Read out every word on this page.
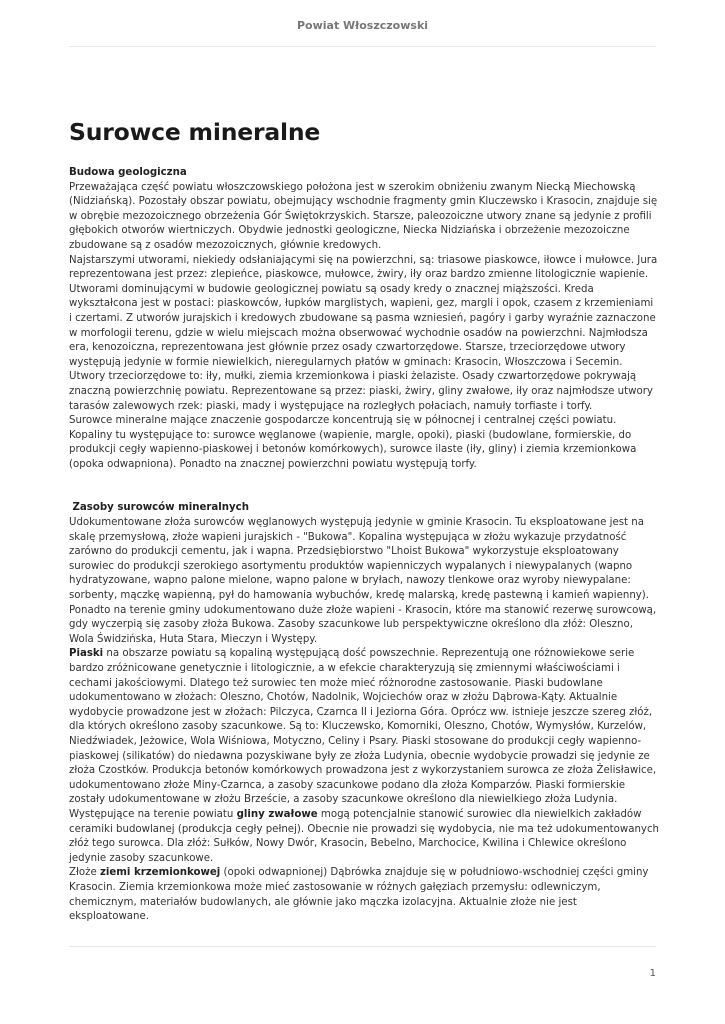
Powiat Włoszczowski
Surowce mineralne

Budowa geologiczna

Przeważająca część powiatu włoszczowskiego położona jest w szerokim obniżeniu zwanym Niecką Miechowską (Nidziańską). Pozostały obszar powiatu, obejmujący wschodnie fragmenty gmin Kluczewsko i Krasocin, znajduje się w obrębie mezozoicznego obrzeżenia Gór Świętokrzyskich. Starsze, paleozoiczne utwory znane są jedynie z profili głębokich otworów wiertniczych. Obydwie jednostki geologiczne, Niecka Nidziańska i obrzeżenie mezozoiczne zbudowane są z osadów mezozoicznych, głównie kredowych.

Najstarszymi utworami, niekiedy odsłaniającymi się na powierzchni, są: triasowe piaskowce, iłowce i mułowce. Jura reprezentowana jest przez: zlepieńce, piaskowce, mułowce, żwiry, iły oraz bardzo zmienne litologicznie wapienie. Utworami dominującymi w budowie geologicznej powiatu są osady kredy o znacznej miąższości. Kreda wykształcona jest w postaci: piaskowców, łupków marglistych, wapieni, gez, margli i opok, czasem z krzemieniami i czertami. Z utworów jurajskich i kredowych zbudowane są pasma wzniesień, pagóry i garby wyraźnie zaznaczone w morfologii terenu, gdzie w wielu miejscach można obserwować wychodnie osadów na powierzchni. Najmłodsza era, kenozoiczna, reprezentowana jest głównie przez osady czwartorzędowe. Starsze, trzeciorzędowe utwory występują jedynie w formie niewielkich, nieregularnych płatów w gminach: Krasocin, Włoszczowa i Secemin. Utwory trzeciorzędowe to: iły, mułki, ziemia krzemionkowa i piaski żelaziste. Osady czwartorzędowe pokrywają znaczną powierzchnię powiatu. Reprezentowane są przez: piaski, żwiry, gliny zwałowe, iły oraz najmłodsze utwory tarasów zalewowych rzek: piaski, mady i występujące na rozległych połaciach, namuły torfiaste i torfy.

Surowce mineralne mające znaczenie gospodarcze koncentrują się w północnej i centralnej części powiatu. Kopaliny tu występujące to: surowce węglanowe (wapienie, margle, opoki), piaski (budowlane, formierskie, do produkcji cegły wapienno-piaskowej i betonów komórkowych), surowce ilaste (iły, gliny) i ziemia krzemionkowa (opoka odwapniona). Ponadto na znacznej powierzchni powiatu występują torfy.

Zasoby surowców mineralnych

Udokumentowane złoża surowców węglanowych występują jedynie w gminie Krasocin. Tu eksploatowane jest na skalę przemysłową, złoże wapieni jurajskich - "Bukowa". Kopalina występująca w złożu wykazuje przydatność zarówno do produkcji cementu, jak i wapna. Przedsiębiorstwo "Lhoist Bukowa" wykorzystuje eksploatowany surowiec do produkcji szerokiego asortymentu produktów wapienniczych wypalanych i niewypalanych (wapno hydratyzowane, wapno palone mielone, wapno palone w bryłach, nawozy tlenkowe oraz wyroby niewypalane: sorbenty, mączkę wapienną, pył do hamowania wybuchów, kredę malarską, kredę pastewną i kamień wapienny). Ponadto na terenie gminy udokumentowano duże złoże wapieni - Krasocin, które ma stanowić rezerwę surowcową, gdy wyczerpią się zasoby złoża Bukowa. Zasoby szacunkowe lub perspektywiczne określono dla złóż: Oleszno, Wola Świdzińska, Huta Stara, Mieczyn i Występy.

Piaski na obszarze powiatu są kopaliną występującą dość powszechnie. Reprezentują one różnowiekowe serie bardzo zróżnicowane genetycznie i litologicznie, a w efekcie charakteryzują się zmiennymi właściwościami i cechami jakościowymi. Dlatego też surowiec ten może mieć różnorodne zastosowanie. Piaski budowlane udokumentowano w złożach: Oleszno, Chotów, Nadolnik, Wojciechów oraz w złożu Dąbrowa-Kąty. Aktualnie wydobycie prowadzone jest w złożach: Pilczyca, Czarnca II i Jeziorna Góra. Oprócz ww. istnieje jeszcze szereg złóż, dla których określono zasoby szacunkowe. Są to: Kluczewsko, Komorniki, Oleszno, Chotów, Wymysłów, Kurzelów, Niedźwiadek, Jeżowice, Wola Wiśniowa, Motyczno, Celiny i Psary. Piaski stosowane do produkcji cegły wapienno-piaskowej (silikatów) do niedawna pozyskiwane były ze złoża Ludynia, obecnie wydobycie prowadzi się jedynie ze złoża Czostków. Produkcja betonów komórkowych prowadzona jest z wykorzystaniem surowca ze złoża Żelisławice, udokumentowano złoże Miny-Czarnca, a zasoby szacunkowe podano dla złoża Komparzów. Piaski formierskie zostały udokumentowane w złożu Brzeście, a zasoby szacunkowe określono dla niewielkiego złoża Ludynia.

Występujące na terenie powiatu gliny zwałowe mogą potencjalnie stanowić surowiec dla niewielkich zakładów ceramiki budowlanej (produkcja cegły pełnej). Obecnie nie prowadzi się wydobycia, nie ma też udokumentowanych złóż tego surowca. Dla złóż: Sułków, Nowy Dwór, Krasocin, Bebelno, Marchocice, Kwilina i Chlewice określono jedynie zasoby szacunkowe.

Złoże ziemi krzemionkowej (opoki odwapnionej) Dąbrówka znajduje się w południowo-wschodniej części gminy Krasocin. Ziemia krzemionkowa może mieć zastosowanie w różnych gałęziach przemysłu: odlewniczym, chemicznym, materiałów budowlanych, ale głównie jako mączka izolacyjna. Aktualnie złoże nie jest eksploatowane.

1
